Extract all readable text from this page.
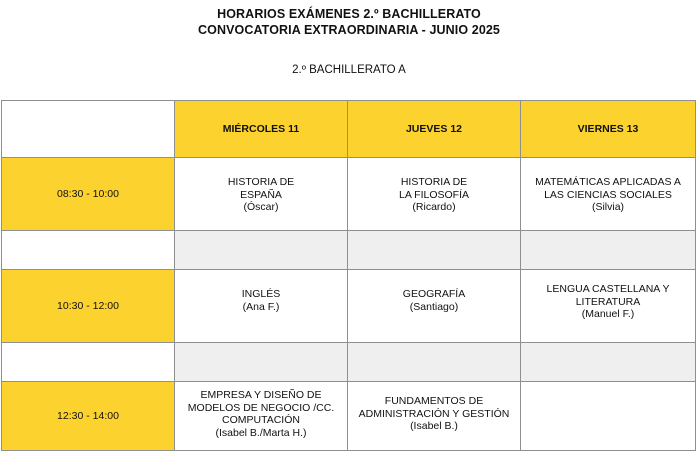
HORARIOS EXÁMENES 2.º BACHILLERATO
CONVOCATORIA EXTRAORDINARIA - JUNIO 2025
2.º BACHILLERATO A
	MIÉRCOLES 11	JUEVES 12	VIERNES 13
08:30 - 10:00	HISTORIA DE
ESPAÑA
(Óscar)	HISTORIA DE
LA FILOSOFÍA
(Ricardo)	MATEMÁTICAS APLICADAS A
LAS CIENCIAS SOCIALES
(Silvia)

10:30 - 12:00	INGLÉS
(Ana F.)	GEOGRAFÍA
(Santiago)	LENGUA CASTELLANA Y
LITERATURA
(Manuel F.)

12:30 - 14:00	EMPRESA Y DISEÑO DE
MODELOS DE NEGOCIO /CC.
COMPUTACIÓN
(Isabel B./Marta H.)	FUNDAMENTOS DE
ADMINISTRACIÓN Y GESTIÓN
(Isabel B.)	
